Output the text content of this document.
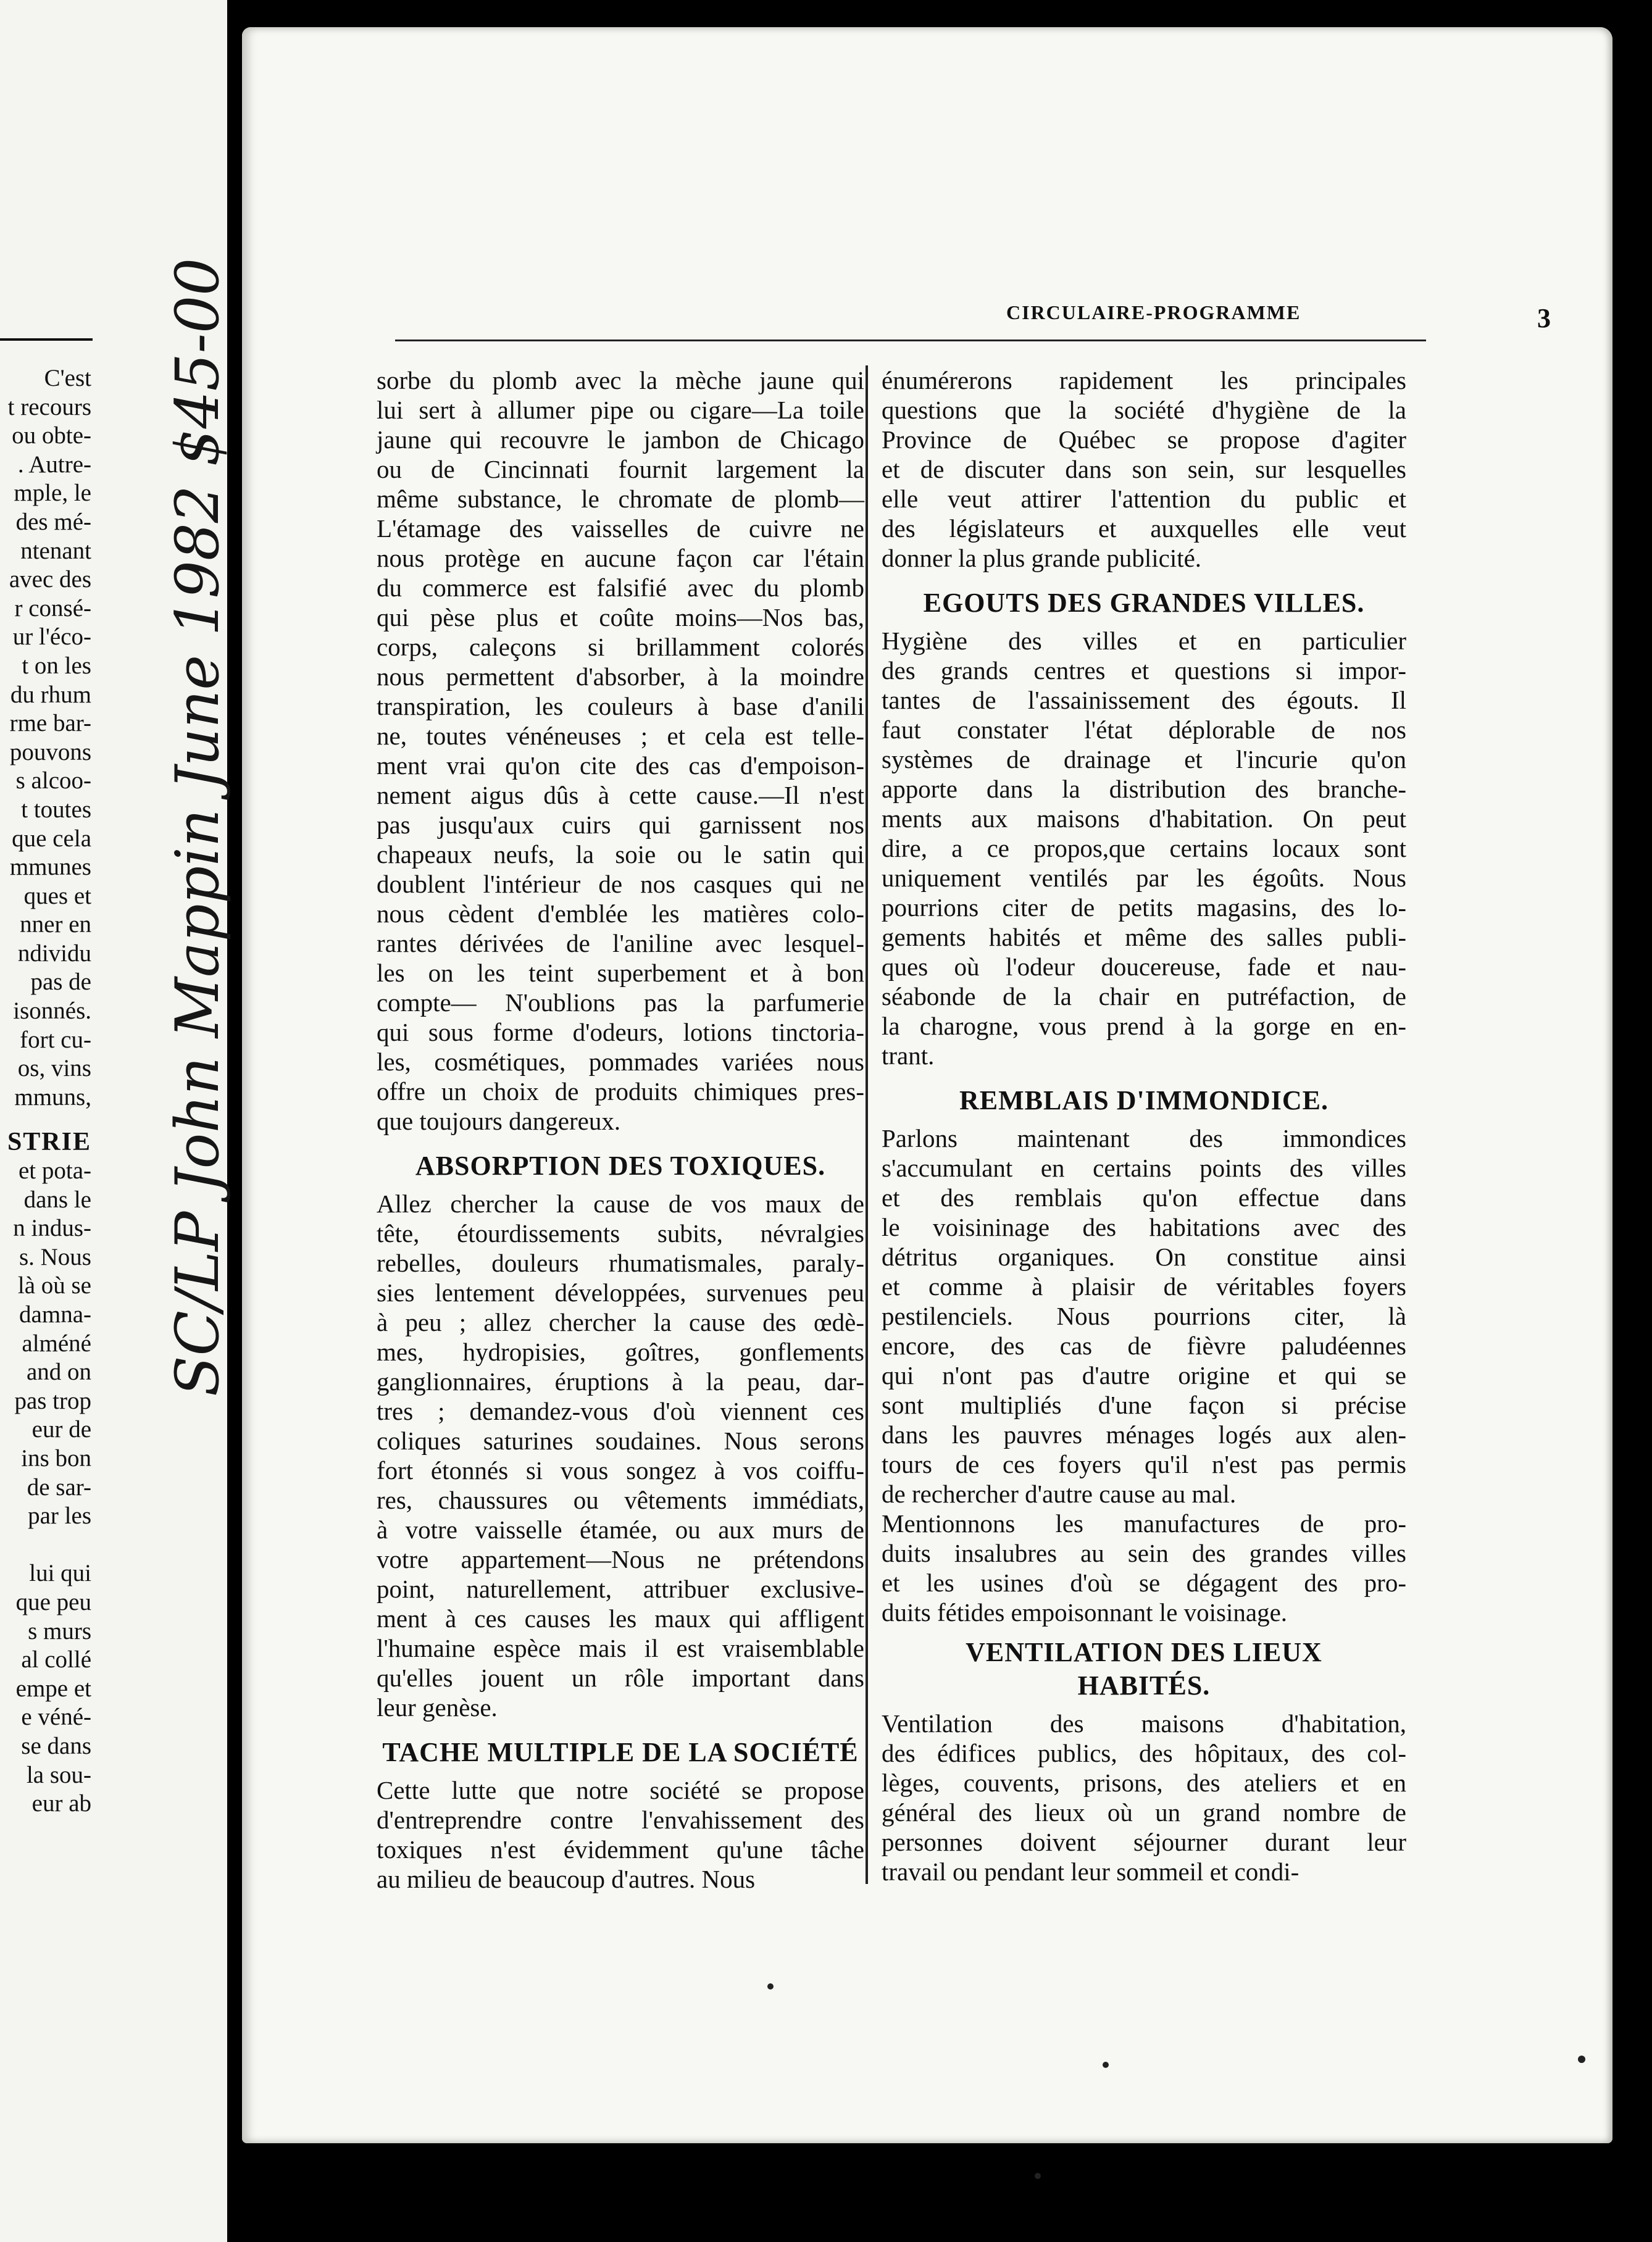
C'est
t recours
ou obte-
. Autre-
mple, le
des mé-
ntenant
avec des
r consé-
ur l'éco-
t on les
du rhum
rme bar-
pouvons
s alcoo-
t toutes
que cela
mmunes
ques et
nner en
ndividu
pas de
isonnés.
fort cu-
os, vins
mmuns,
STRIE
et pota-
dans le
n indus-
s. Nous
là où se
damna-
alméné
and on
pas trop
eur de
ins bon
de sar-
par les
lui qui
que peu
s murs
al collé
empe et
e véné-
se dans
la sou-
eur ab
CIRCULAIRE-PROGRAMME	3
sorbe du plomb avec la mèche jaune qui
lui sert à allumer pipe ou cigare—La toile
jaune qui recouvre le jambon de Chicago
ou de Cincinnati fournit largement la
même substance, le chromate de plomb—
L'étamage des vaisselles de cuivre ne
nous protège en aucune façon car l'étain
du commerce est falsifié avec du plomb
qui pèse plus et coûte moins—Nos bas,
corps, caleçons si brillamment colorés
nous permettent d'absorber, à la moindre
transpiration, les couleurs à base d'anili
ne, toutes vénéneuses ; et cela est telle-
ment vrai qu'on cite des cas d'empoison-
nement aigus dûs à cette cause.—Il n'est
pas jusqu'aux cuirs qui garnissent nos
chapeaux neufs, la soie ou le satin qui
doublent l'intérieur de nos casques qui ne
nous cèdent d'emblée les matières colo-
rantes dérivées de l'aniline avec lesquel-
les on les teint superbement et à bon
compte— N'oublions pas la parfumerie
qui sous forme d'odeurs, lotions tinctoria-
les, cosmétiques, pommades variées nous
offre un choix de produits chimiques pres-
que toujours dangereux.
ABSORPTION DES TOXIQUES.
Allez chercher la cause de vos maux de
tête, étourdissements subits, névralgies
rebelles, douleurs rhumatismales, paraly-
sies lentement développées, survenues peu
à peu ; allez chercher la cause des œdè-
mes, hydropisies, goîtres, gonflements
ganglionnaires, éruptions à la peau, dar-
tres ; demandez-vous d'où viennent ces
coliques saturines soudaines. Nous serons
fort étonnés si vous songez à vos coiffu-
res, chaussures ou vêtements immédiats,
à votre vaisselle étamée, ou aux murs de
votre appartement—Nous ne prétendons
point, naturellement, attribuer exclusive-
ment à ces causes les maux qui affligent
l'humaine espèce mais il est vraisemblable
qu'elles jouent un rôle important dans
leur genèse.
TACHE MULTIPLE DE LA SOCIÉTÉ
Cette lutte que notre société se propose
d'entreprendre contre l'envahissement des
toxiques n'est évidemment qu'une tâche
au milieu de beaucoup d'autres. Nous
énumérerons rapidement les principales
questions que la société d'hygiène de la
Province de Québec se propose d'agiter
et de discuter dans son sein, sur lesquelles
elle veut attirer l'attention du public et
des législateurs et auxquelles elle veut
donner la plus grande publicité.
EGOUTS DES GRANDES VILLES.
Hygiène des villes et en particulier
des grands centres et questions si impor-
tantes de l'assainissement des égouts. Il
faut constater l'état déplorable de nos
systèmes de drainage et l'incurie qu'on
apporte dans la distribution des branche-
ments aux maisons d'habitation. On peut
dire, a ce propos,que certains locaux sont
uniquement ventilés par les égoûts. Nous
pourrions citer de petits magasins, des lo-
gements habités et même des salles publi-
ques où l'odeur doucereuse, fade et nau-
séabonde de la chair en putréfaction, de
la charogne, vous prend à la gorge en en-
trant.
REMBLAIS D'IMMONDICE.
Parlons maintenant des immondices
s'accumulant en certains points des villes
et des remblais qu'on effectue dans
le voisininage des habitations avec des
détritus organiques. On constitue ainsi
et comme à plaisir de véritables foyers
pestilenciels. Nous pourrions citer, là
encore, des cas de fièvre paludéennes
qui n'ont pas d'autre origine et qui se
sont multipliés d'une façon si précise
dans les pauvres ménages logés aux alen-
tours de ces foyers qu'il n'est pas permis
de rechercher d'autre cause au mal.
Mentionnons les manufactures de pro-
duits insalubres au sein des grandes villes
et les usines d'où se dégagent des pro-
duits fétides empoisonnant le voisinage.
VENTILATION DES LIEUX
HABITÉS.
Ventilation des maisons d'habitation,
des édifices publics, des hôpitaux, des col-
lèges, couvents, prisons, des ateliers et en
général des lieux où un grand nombre de
personnes doivent séjourner durant leur
travail ou pendant leur sommeil et condi-
SC/LP John Mappin June 1982 $45-00
